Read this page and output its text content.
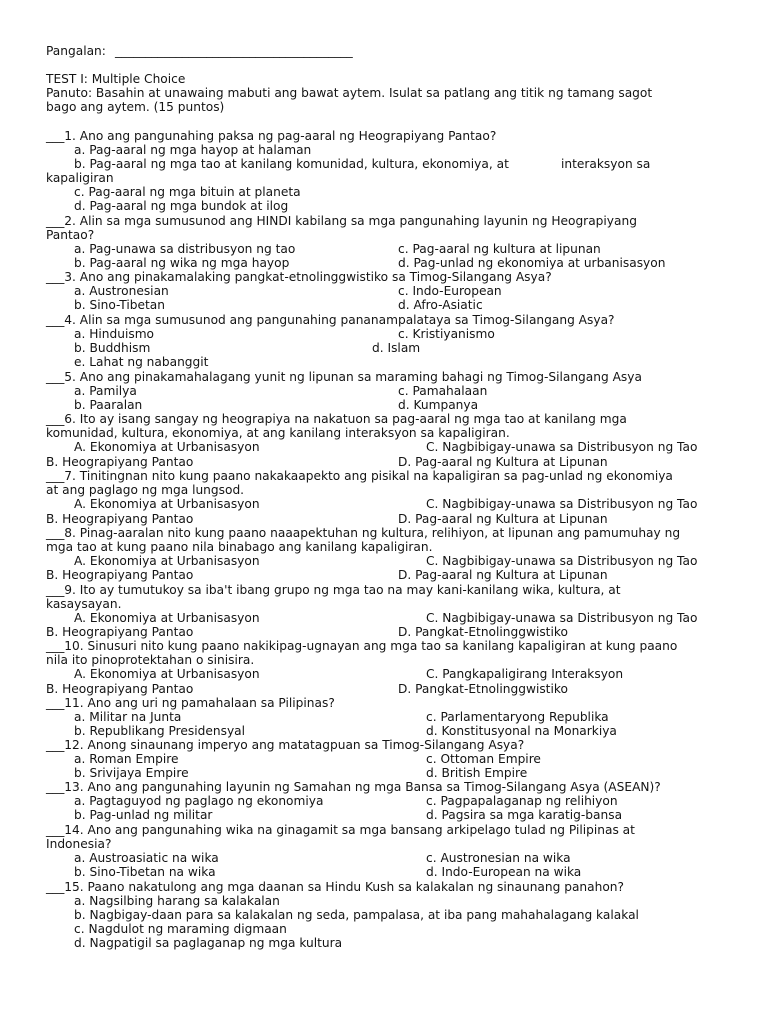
Pangalan: _______________________________________
TEST I: Multiple Choice
Panuto: Basahin at unawaing mabuti ang bawat aytem. Isulat sa patlang ang titik ng tamang sagot
bago ang aytem. (15 puntos)
___1. Ano ang pangunahing paksa ng pag-aaral ng Heograpiyang Pantao?
a. Pag-aaral ng mga hayop at halaman
b. Pag-aaral ng mga tao at kanilang komunidad, kultura, ekonomiya, at	interaksyon sa
kapaligiran
c. Pag-aaral ng mga bituin at planeta
d. Pag-aaral ng mga bundok at ilog
___2. Alin sa mga sumusunod ang HINDI kabilang sa mga pangunahing layunin ng Heograpiyang
Pantao?
a. Pag-unawa sa distribusyon ng tao	c. Pag-aaral ng kultura at lipunan
b. Pag-aaral ng wika ng mga hayop	d. Pag-unlad ng ekonomiya at urbanisasyon
___3. Ano ang pinakamalaking pangkat-etnolinggwistiko sa Timog-Silangang Asya?
a. Austronesian	c. Indo-European
b. Sino-Tibetan	d. Afro-Asiatic
___4. Alin sa mga sumusunod ang pangunahing pananampalataya sa Timog-Silangang Asya?
a. Hinduismo	c. Kristiyanismo
b. Buddhism	d. Islam
e. Lahat ng nabanggit
___5. Ano ang pinakamahalagang yunit ng lipunan sa maraming bahagi ng Timog-Silangang Asya
a. Pamilya	c. Pamahalaan
b. Paaralan	d. Kumpanya
___6. Ito ay isang sangay ng heograpiya na nakatuon sa pag-aaral ng mga tao at kanilang mga
komunidad, kultura, ekonomiya, at ang kanilang interaksyon sa kapaligiran.
A. Ekonomiya at Urbanisasyon	C. Nagbibigay-unawa sa Distribusyon ng Tao
B. Heograpiyang Pantao	D. Pag-aaral ng Kultura at Lipunan
___7. Tinitingnan nito kung paano nakakaapekto ang pisikal na kapaligiran sa pag-unlad ng ekonomiya
at ang paglago ng mga lungsod.
A. Ekonomiya at Urbanisasyon	C. Nagbibigay-unawa sa Distribusyon ng Tao
B. Heograpiyang Pantao	D. Pag-aaral ng Kultura at Lipunan
___8. Pinag-aaralan nito kung paano naaapektuhan ng kultura, relihiyon, at lipunan ang pamumuhay ng
mga tao at kung paano nila binabago ang kanilang kapaligiran.
A. Ekonomiya at Urbanisasyon	C. Nagbibigay-unawa sa Distribusyon ng Tao
B. Heograpiyang Pantao	D. Pag-aaral ng Kultura at Lipunan
___9. Ito ay tumutukoy sa iba't ibang grupo ng mga tao na may kani-kanilang wika, kultura, at
kasaysayan.
A. Ekonomiya at Urbanisasyon	C. Nagbibigay-unawa sa Distribusyon ng Tao
B. Heograpiyang Pantao	D. Pangkat-Etnolinggwistiko
___10. Sinusuri nito kung paano nakikipag-ugnayan ang mga tao sa kanilang kapaligiran at kung paano
nila ito pinoprotektahan o sinisira.
A. Ekonomiya at Urbanisasyon	C. Pangkapaligirang Interaksyon
B. Heograpiyang Pantao	D. Pangkat-Etnolinggwistiko
___11. Ano ang uri ng pamahalaan sa Pilipinas?
a. Militar na Junta	c. Parlamentaryong Republika
b. Republikang Presidensyal	d. Konstitusyonal na Monarkiya
___12. Anong sinaunang imperyo ang matatagpuan sa Timog-Silangang Asya?
a. Roman Empire	c. Ottoman Empire
b. Srivijaya Empire	d. British Empire
___13. Ano ang pangunahing layunin ng Samahan ng mga Bansa sa Timog-Silangang Asya (ASEAN)?
a. Pagtaguyod ng paglago ng ekonomiya	c. Pagpapalaganap ng relihiyon
b. Pag-unlad ng militar	d. Pagsira sa mga karatig-bansa
___14. Ano ang pangunahing wika na ginagamit sa mga bansang arkipelago tulad ng Pilipinas at
Indonesia?
a. Austroasiatic na wika	c. Austronesian na wika
b. Sino-Tibetan na wika	d. Indo-European na wika
___15. Paano nakatulong ang mga daanan sa Hindu Kush sa kalakalan ng sinaunang panahon?
a. Nagsilbing harang sa kalakalan
b. Nagbigay-daan para sa kalakalan ng seda, pampalasa, at iba pang mahahalagang kalakal
c. Nagdulot ng maraming digmaan
d. Nagpatigil sa paglaganap ng mga kultura
